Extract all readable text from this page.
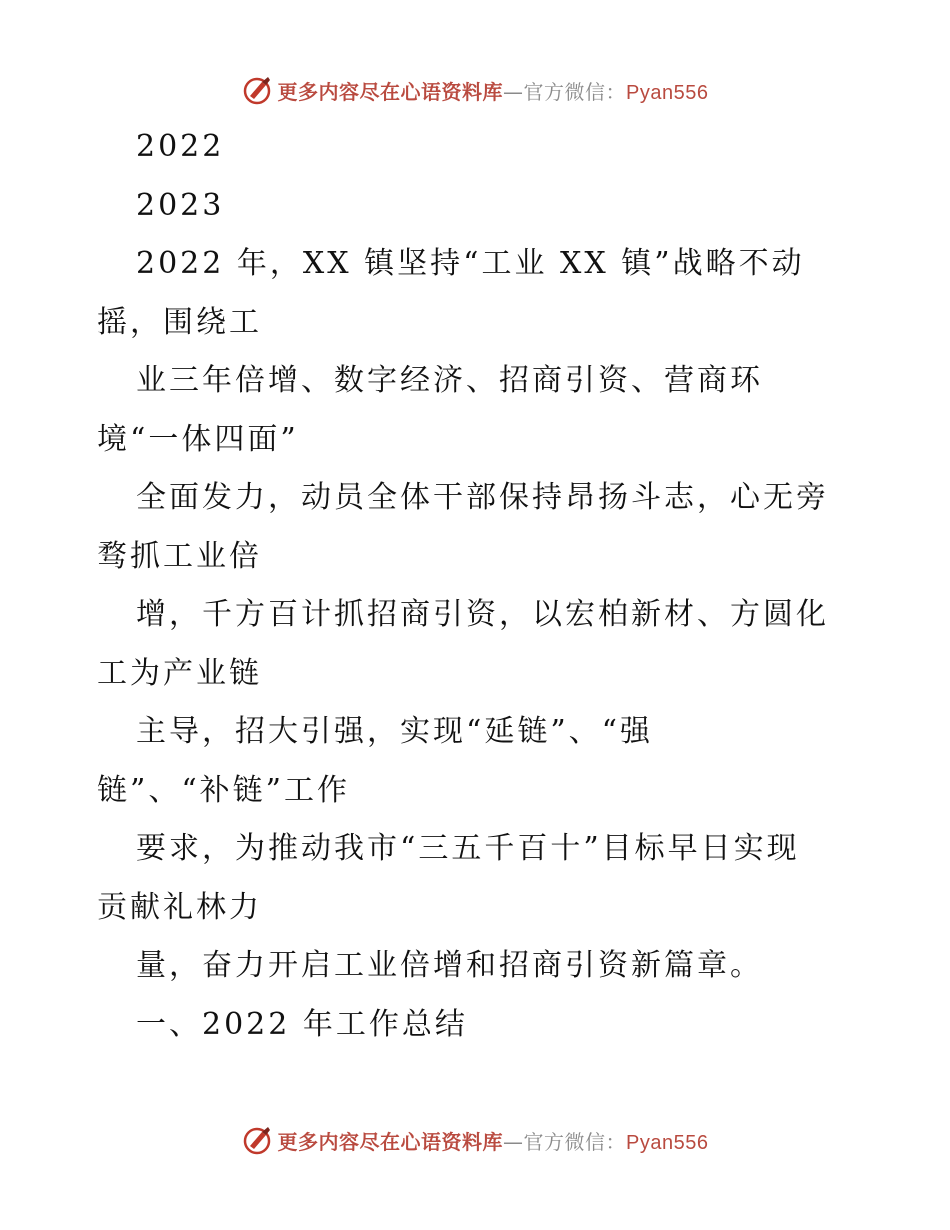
更多内容尽在心语资料库—官方微信：Pyan556
2022
2023
2022 年，XX 镇坚持“工业 XX 镇”战略不动
摇，围绕工
业三年倍增、数字经济、招商引资、营商环
境“一体四面”
全面发力，动员全体干部保持昂扬斗志，心无旁
骛抓工业倍
增，千方百计抓招商引资，以宏柏新材、方圆化
工为产业链
主导，招大引强，实现“延链”、“强
链”、“补链”工作
要求，为推动我市“三五千百十”目标早日实现
贡献礼林力
量，奋力开启工业倍增和招商引资新篇章。
一、2022 年工作总结
更多内容尽在心语资料库—官方微信：Pyan556
